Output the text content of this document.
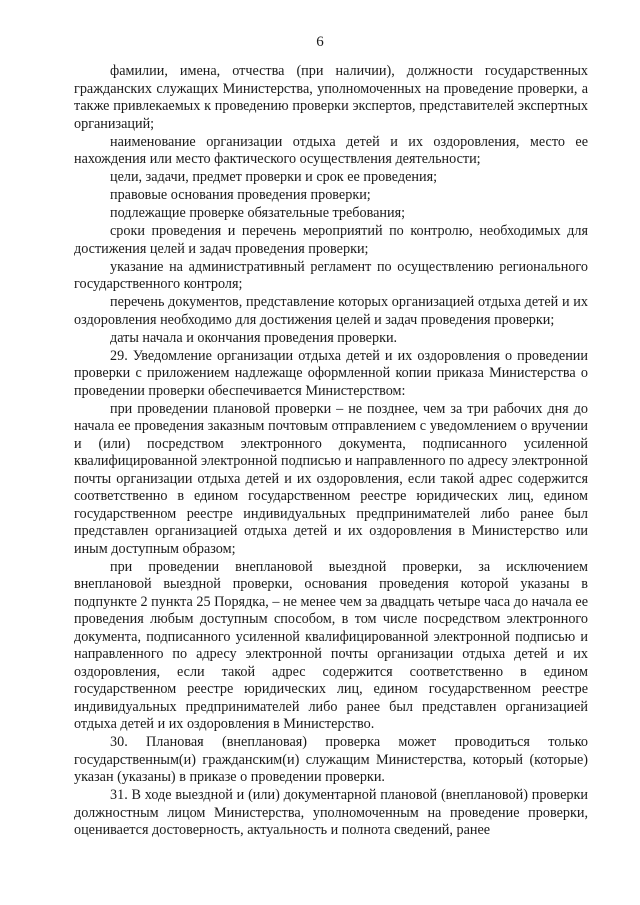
6

фамилии, имена, отчества (при наличии), должности государственных гражданских служащих Министерства, уполномоченных на проведение проверки, а также привлекаемых к проведению проверки экспертов, представителей экспертных организаций;

наименование организации отдыха детей и их оздоровления, место ее нахождения или место фактического осуществления деятельности;

цели, задачи, предмет проверки и срок ее проведения;

правовые основания проведения проверки;

подлежащие проверке обязательные требования;

сроки проведения и перечень мероприятий по контролю, необходимых для достижения целей и задач проведения проверки;

указание на административный регламент по осуществлению регионального государственного контроля;

перечень документов, представление которых организацией отдыха детей и их оздоровления необходимо для достижения целей и задач проведения проверки;

даты начала и окончания проведения проверки.

29. Уведомление организации отдыха детей и их оздоровления о проведении проверки с приложением надлежаще оформленной копии приказа Министерства о проведении проверки обеспечивается Министерством:

при проведении плановой проверки – не позднее, чем за три рабочих дня до начала ее проведения заказным почтовым отправлением с уведомлением о вручении и (или) посредством электронного документа, подписанного усиленной квалифицированной электронной подписью и направленного по адресу электронной почты организации отдыха детей и их оздоровления, если такой адрес содержится соответственно в едином государственном реестре юридических лиц, едином государственном реестре индивидуальных предпринимателей либо ранее был представлен организацией отдыха детей и их оздоровления в Министерство или иным доступным образом;

при проведении внеплановой выездной проверки, за исключением внеплановой выездной проверки, основания проведения которой указаны в подпункте 2 пункта 25 Порядка, – не менее чем за двадцать четыре часа до начала ее проведения любым доступным способом, в том числе посредством электронного документа, подписанного усиленной квалифицированной электронной подписью и направленного по адресу электронной почты организации отдыха детей и их оздоровления, если такой адрес содержится соответственно в едином государственном реестре юридических лиц, едином государственном реестре индивидуальных предпринимателей либо ранее был представлен организацией отдыха детей и их оздоровления в Министерство.

30. Плановая (внеплановая) проверка может проводиться только государственным(и) гражданским(и) служащим Министерства, который (которые) указан (указаны) в приказе о проведении проверки.

31. В ходе выездной и (или) документарной плановой (внеплановой) проверки должностным лицом Министерства, уполномоченным на проведение проверки, оценивается достоверность, актуальность и полнота сведений, ранее
